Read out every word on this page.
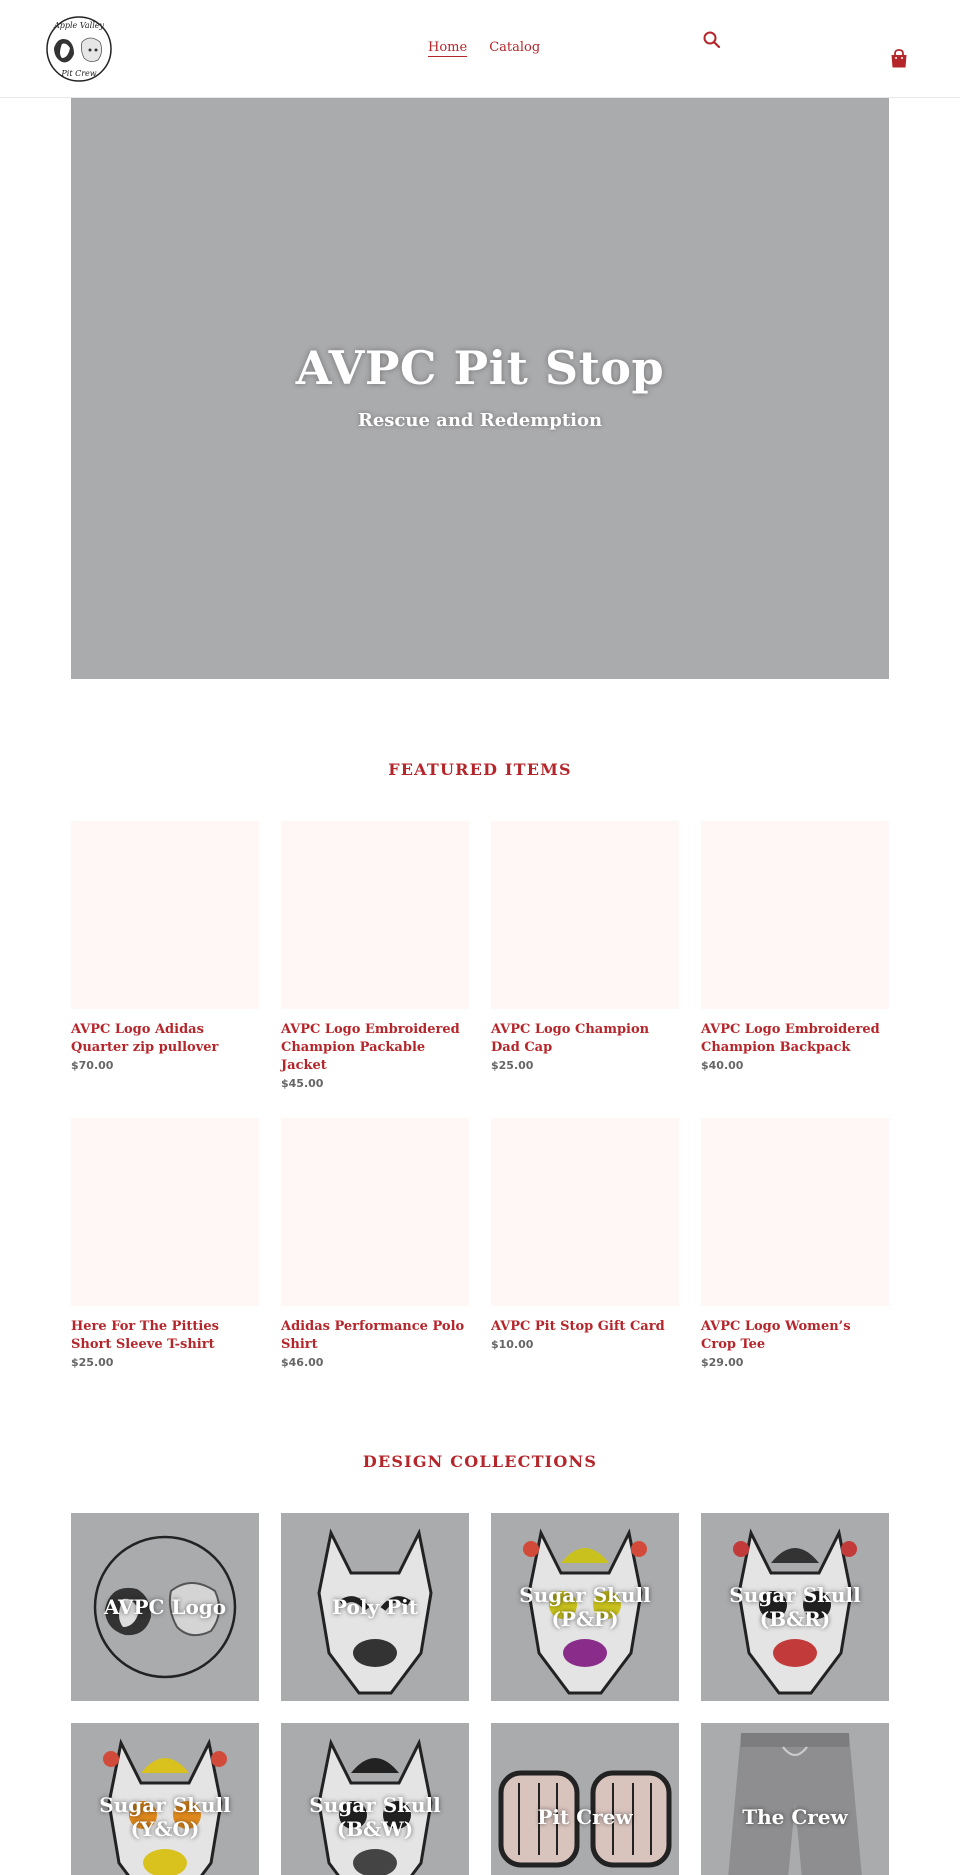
Apple Valley
Pit Crew
Home Catalog
AVPC Pit Stop

Rescue and Redemption

FEATURED ITEMS
AVPC Logo Adidas Quarter zip pullover
$70.00
AVPC Logo Embroidered Champion Packable Jacket
$45.00
AVPC Logo Champion Dad Cap
$25.00
AVPC Logo Embroidered Champion Backpack
$40.00
Here For The Pitties Short Sleeve T-shirt
$25.00
Adidas Performance Polo Shirt
$46.00
AVPC Pit Stop Gift Card
$10.00
AVPC Logo Women’s Crop Tee
$29.00
DESIGN COLLECTIONS
AVPC Logo	Poly Pit	Sugar Skull (P&P)
Sugar Skull (B&R)
Sugar Skull (Y&O)
Sugar Skull (B&W)	Pit Crew	The Crew
